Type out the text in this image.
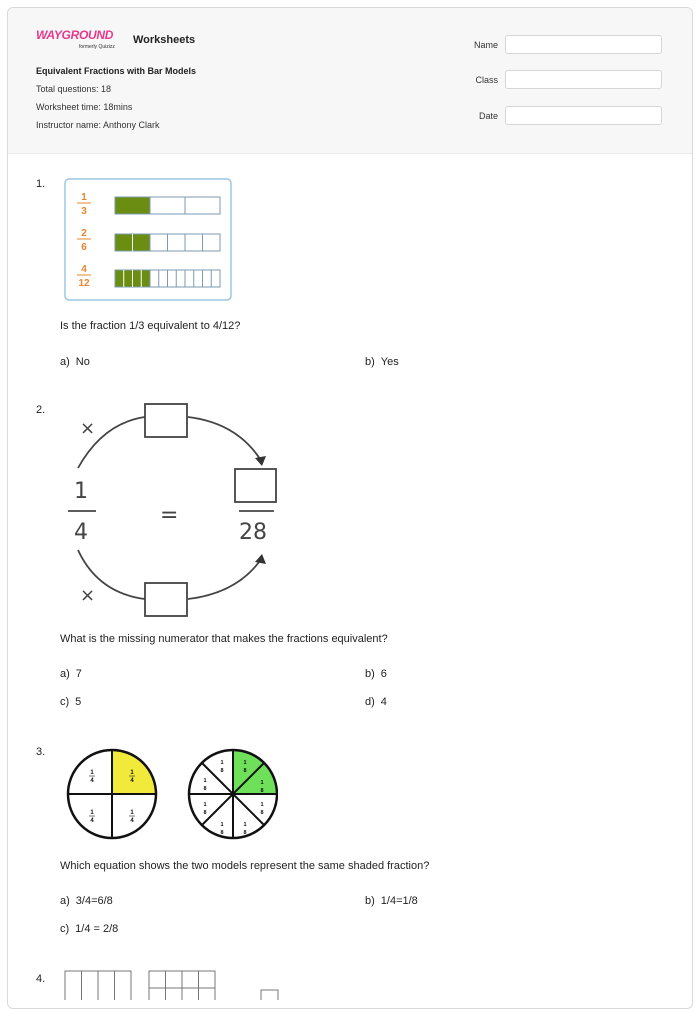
WAYGROUND
formerly Quizizz
Worksheets
Equivalent Fractions with Bar Models
Total questions: 18
Worksheet time: 18mins
Instructor name: Anthony Clark
Name
Class
Date
1.
1
3
2
6
4
12
Is the fraction 1/3 equivalent to 4/12?
a) No	b) Yes
2.
×
×
1
4
=
28
What is the missing numerator that makes the fractions equivalent?
a) 7	b) 6
c) 5	d) 4
3.
1
4
1
4
1
4
1
4
1
8
1
8
1
8
1
8
1
8
1
8
1
8
1
8
Which equation shows the two models represent the same shaded fraction?
a) 3/4=6/8	b) 1/4=1/8
c) 1/4 = 2/8
4.
